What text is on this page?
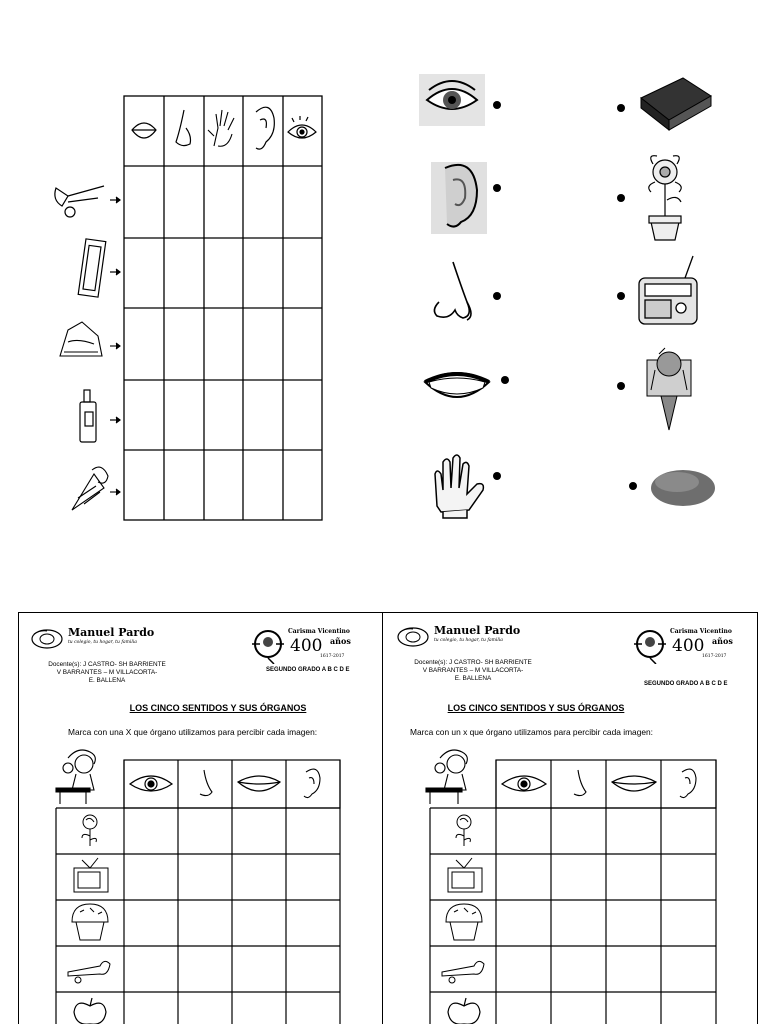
Manuel Pardo
tu colegio, tu hogar, tu familia
Carisma Vicentino
400 años
1617-2017
Docente(s): J CASTRO- SH BARRIENTE
V BARRANTES – M VILLACORTA-
E. BALLENA
SEGUNDO GRADO A B C D E
LOS CINCO SENTIDOS Y SUS ÓRGANOS
Marca con una X que órgano utilizamos para percibir cada imagen:
Manuel Pardo
tu colegio, tu hogar, tu familia
Carisma Vicentino
400 años
1617-2017
Docente(s): J CASTRO- SH BARRIENTE
V BARRANTES – M VILLACORTA-
E. BALLENA
SEGUNDO GRADO A B C D E
LOS CINCO SENTIDOS Y SUS ÓRGANOS
Marca con un x que órgano utilizamos para percibir cada imagen:
